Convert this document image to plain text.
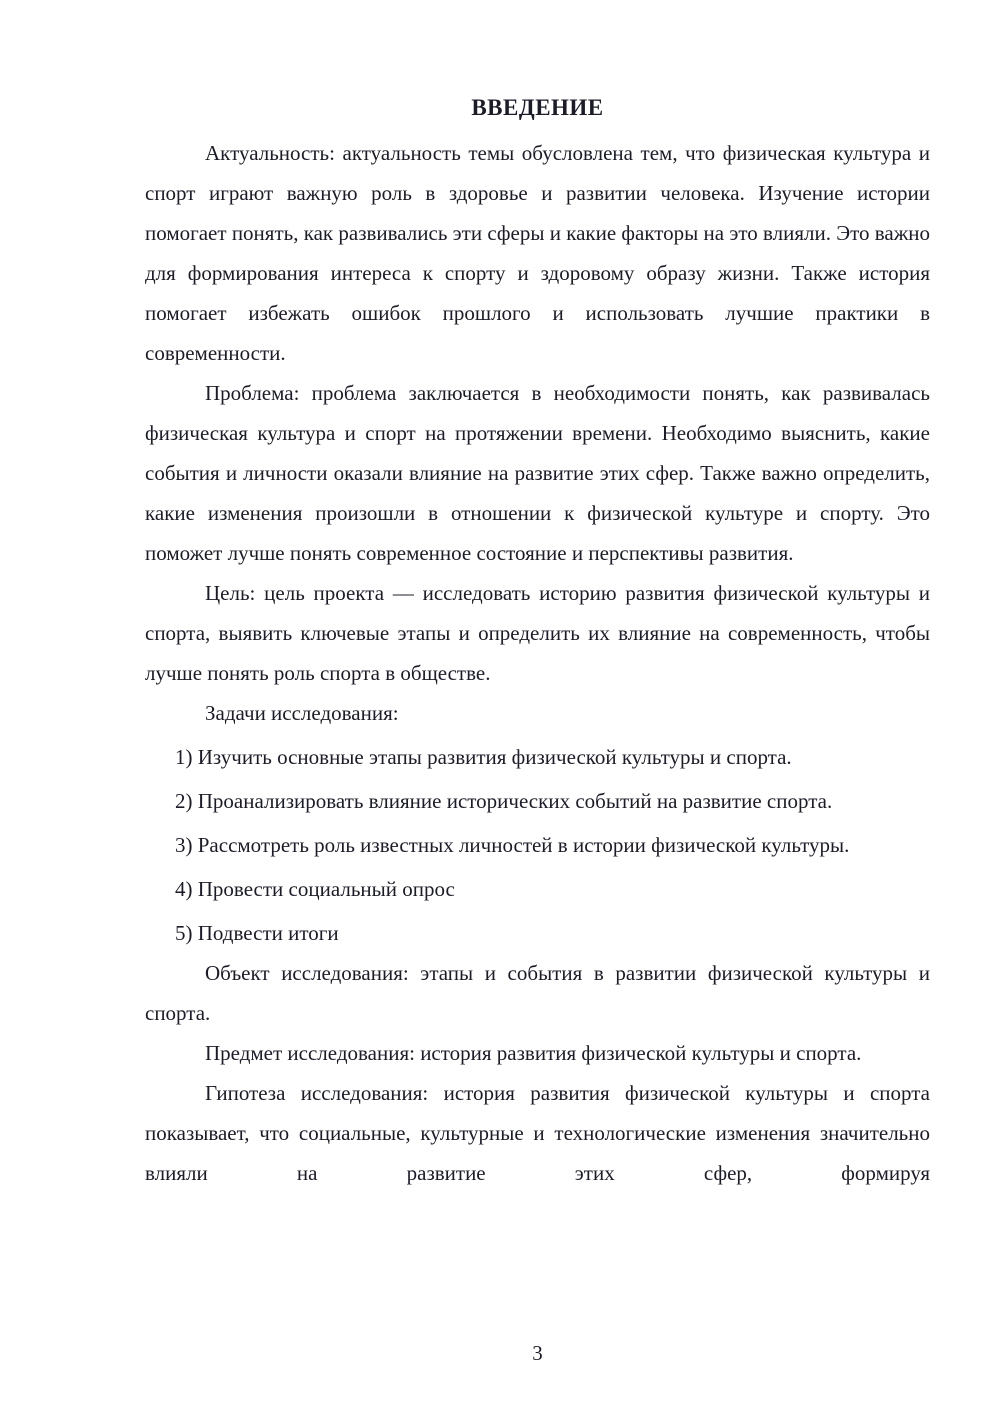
ВВЕДЕНИЕ

Актуальность: актуальность темы обусловлена тем, что физическая культура и спорт играют важную роль в здоровье и развитии человека. Изучение истории помогает понять, как развивались эти сферы и какие факторы на это влияли. Это важно для формирования интереса к спорту и здоровому образу жизни. Также история помогает избежать ошибок прошлого и использовать лучшие практики в современности.

Проблема: проблема заключается в необходимости понять, как развивалась физическая культура и спорт на протяжении времени. Необходимо выяснить, какие события и личности оказали влияние на развитие этих сфер. Также важно определить, какие изменения произошли в отношении к физической культуре и спорту. Это поможет лучше понять современное состояние и перспективы развития.

Цель: цель проекта — исследовать историю развития физической культуры и спорта, выявить ключевые этапы и определить их влияние на современность, чтобы лучше понять роль спорта в обществе.

Задачи исследования:

1) Изучить основные этапы развития физической культуры и спорта.

2) Проанализировать влияние исторических событий на развитие спорта.

3) Рассмотреть роль известных личностей в истории физической культуры.

4) Провести социальный опрос

5) Подвести итоги

Объект исследования: этапы и события в развитии физической культуры и спорта.

Предмет исследования: история развития физической культуры и спорта.

Гипотеза исследования: история развития физической культуры и спорта показывает, что социальные, культурные и технологические изменения значительно влияли на развитие этих сфер, формируя

3
